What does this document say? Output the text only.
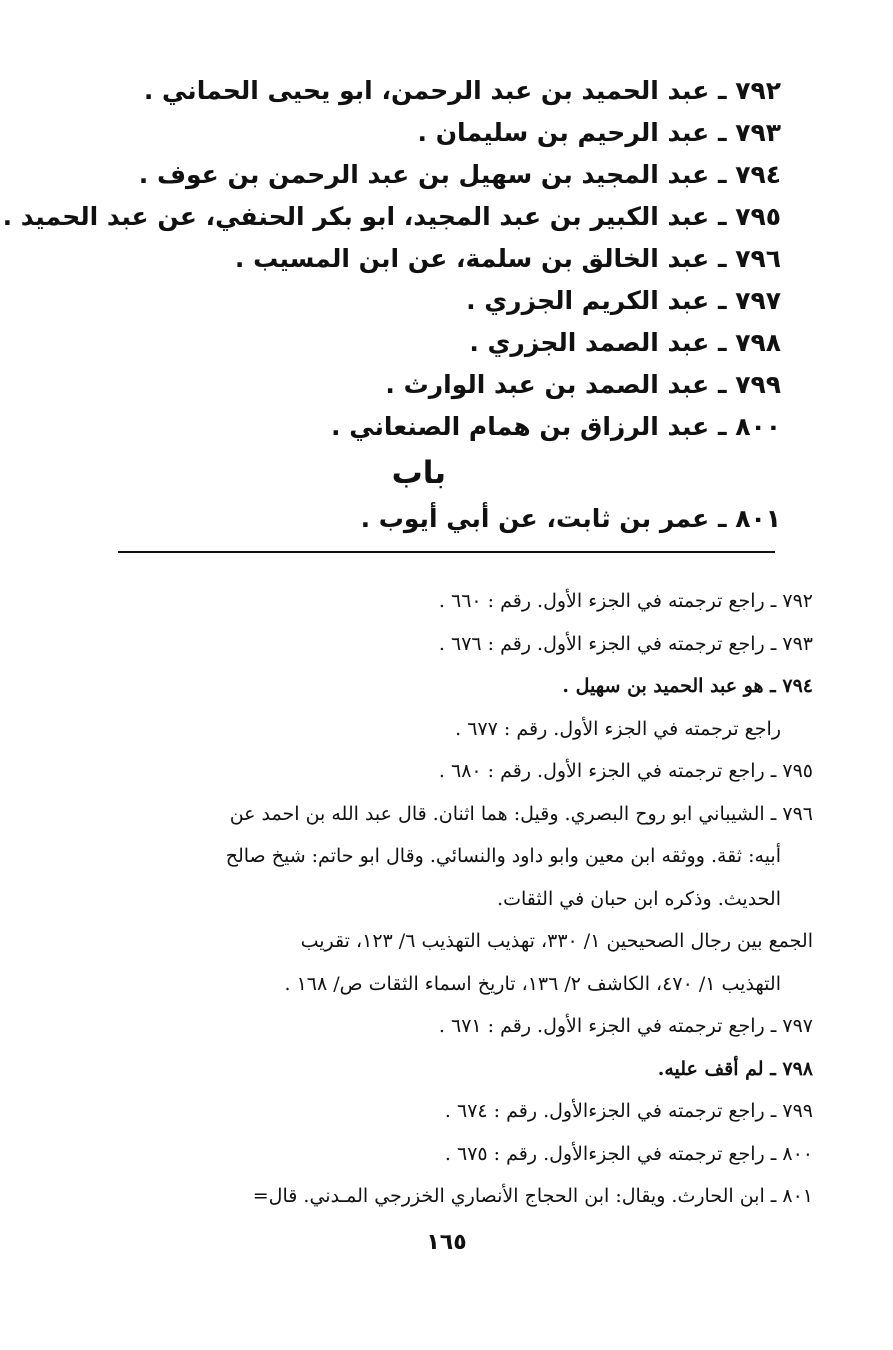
٧٩٢ ـ عبد الحميد بن عبد الرحمن، ابو يحيى الحماني .
٧٩٣ ـ عبد الرحيم بن سليمان .
٧٩٤ ـ عبد المجيد بن سهيل بن عبد الرحمن بن عوف .
٧٩٥ ـ عبد الكبير بن عبد المجيد، ابو بكر الحنفي، عن عبد الحميد .
٧٩٦ ـ عبد الخالق بن سلمة، عن ابن المسيب .
٧٩٧ ـ عبد الكريم الجزري .
٧٩٨ ـ عبد الصمد الجزري .
٧٩٩ ـ عبد الصمد بن عبد الوارث .
٨٠٠ ـ عبد الرزاق بن همام الصنعاني .
باب
٨٠١ ـ عمر بن ثابت، عن أبي أيوب .
٧٩٢ ـ راجع ترجمته في الجزء الأول. رقم : ٦٦٠ .
٧٩٣ ـ راجع ترجمته في الجزء الأول. رقم : ٦٧٦ .
٧٩٤ ـ هو عبد الحميد بن سهيل .
راجع ترجمته في الجزء الأول. رقم : ٦٧٧ .
٧٩٥ ـ راجع ترجمته في الجزء الأول. رقم : ٦٨٠ .
٧٩٦ ـ الشيباني ابو روح البصري. وقيل: هما اثنان. قال عبد الله بن احمد عن
أبيه: ثقة. ووثقه ابن معين وابو داود والنسائي. وقال ابو حاتم: شيخ صالح
الحديث. وذكره ابن حبان في الثقات.
الجمع بين رجال الصحيحين ١/ ٣٣٠، تهذيب التهذيب ٦/ ١٢٣، تقريب
التهذيب ١/ ٤٧٠، الكاشف ٢/ ١٣٦، تاريخ اسماء الثقات ص/ ١٦٨ .
٧٩٧ ـ راجع ترجمته في الجزء الأول. رقم : ٦٧١ .
٧٩٨ ـ لم أقف عليه.
٧٩٩ ـ راجع ترجمته في الجزءالأول. رقم : ٦٧٤ .
٨٠٠ ـ راجع ترجمته في الجزءالأول. رقم : ٦٧٥ .
٨٠١ ـ ابن الحارث. ويقال: ابن الحجاج الأنصاري الخزرجي المـدني. قال=
١٦٥
